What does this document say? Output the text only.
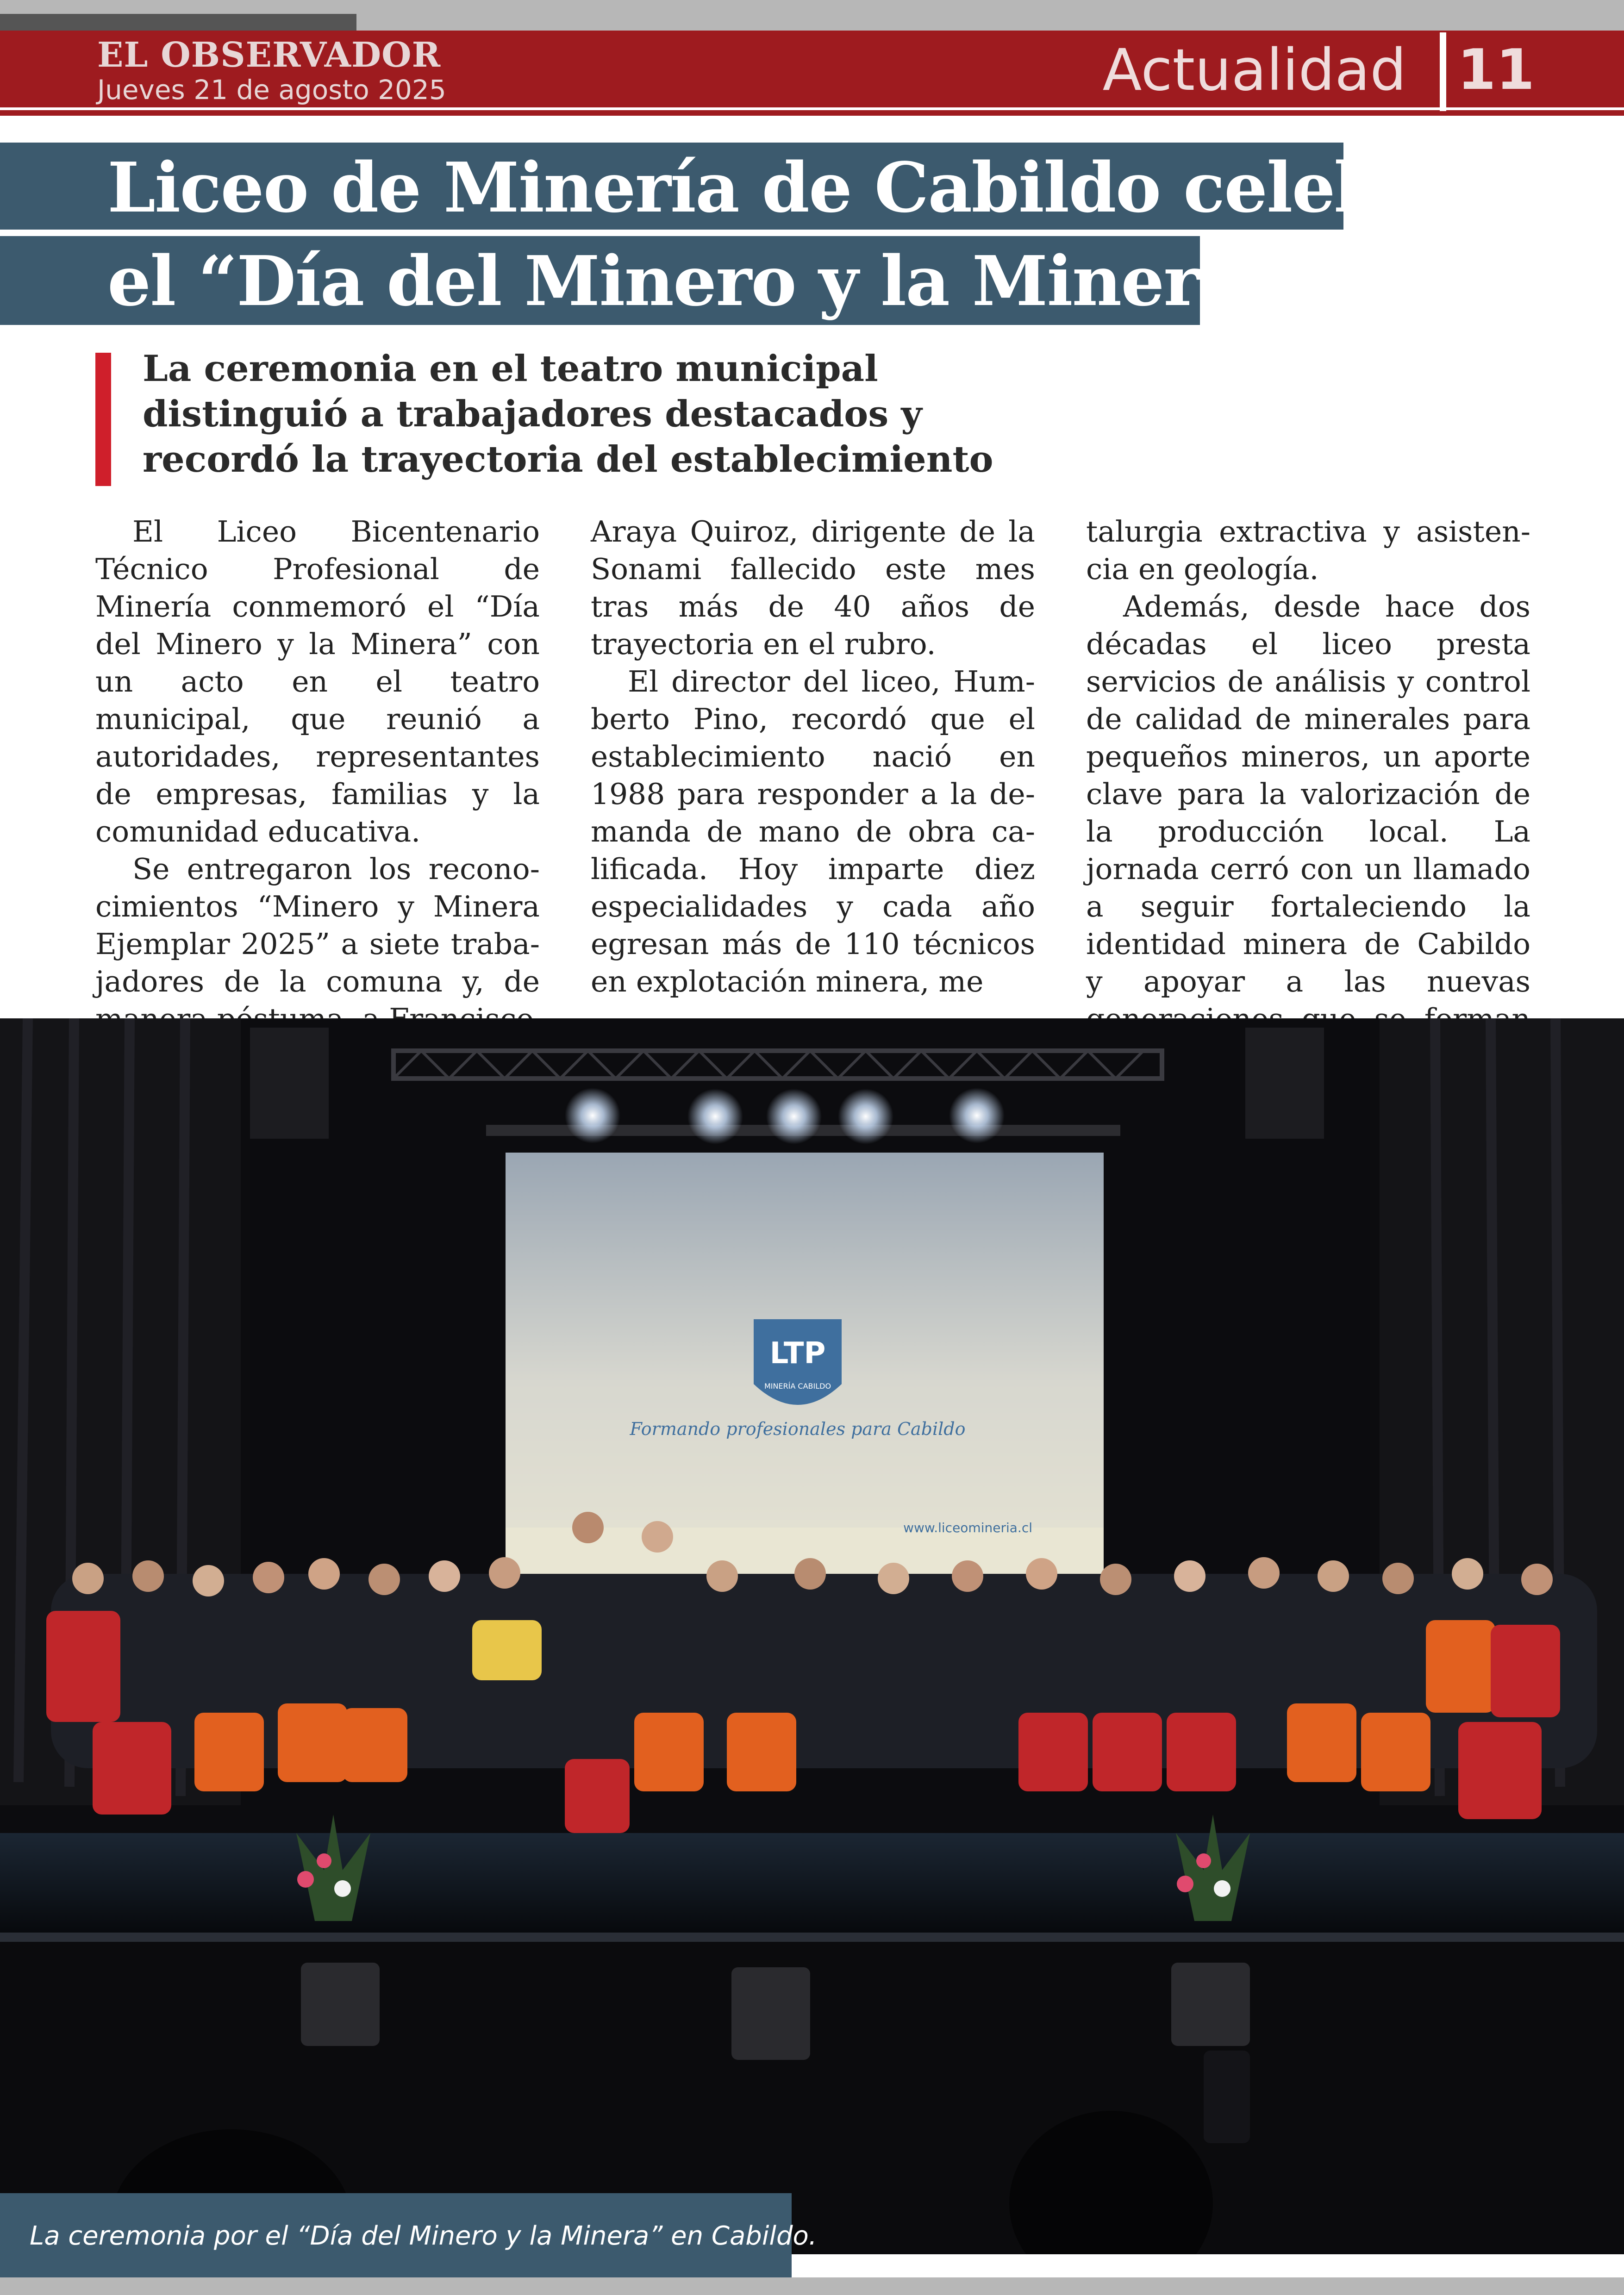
EL OBSERVADOR
Jueves 21 de agosto 2025	Actualidad 11
Liceo de Minería de Cabildo celebró
el “Día del Minero y la Minera”
La ceremonia en el teatro municipal
distinguió a trabajadores destacados y
recordó la trayectoria del establecimiento

El Liceo Bicentenario Técnico Profesional de Minería conmemoró el “Día del Minero y la Minera” con un acto en el teatro municipal, que reunió a autoridades, representantes de empresas, familias y la comunidad educativa.

Se entregaron los reconocimientos “Minero y Minera Ejemplar 2025” a siete trabajadores de la comuna y, de

Araya Quiroz, dirigente de la Sonami fallecido este mes tras más de 40 años de trayectoria en el rubro.

El director del liceo, Humberto Pino, recordó que el establecimiento nació en 1988 para responder a la demanda de mano de obra calificada. Hoy imparte diez especialidades y cada año egresan más de 110 técnicos en explotación minera, me

talurgia extractiva y asistencia en geología.

Además, desde hace dos décadas el liceo presta servicios de análisis y control de calidad de minerales para pequeños mineros, un aporte clave para la valorización de la producción local. La jornada cerró con un llamado a seguir fortaleciendo la identidad minera de Cabildo y apoyar a las nuevas

LTP
MINERÍA CABILDO
Formando profesionales para Cabildo
www.liceomineria.cl
La ceremonia por el “Día del Minero y la Minera” en Cabildo.
